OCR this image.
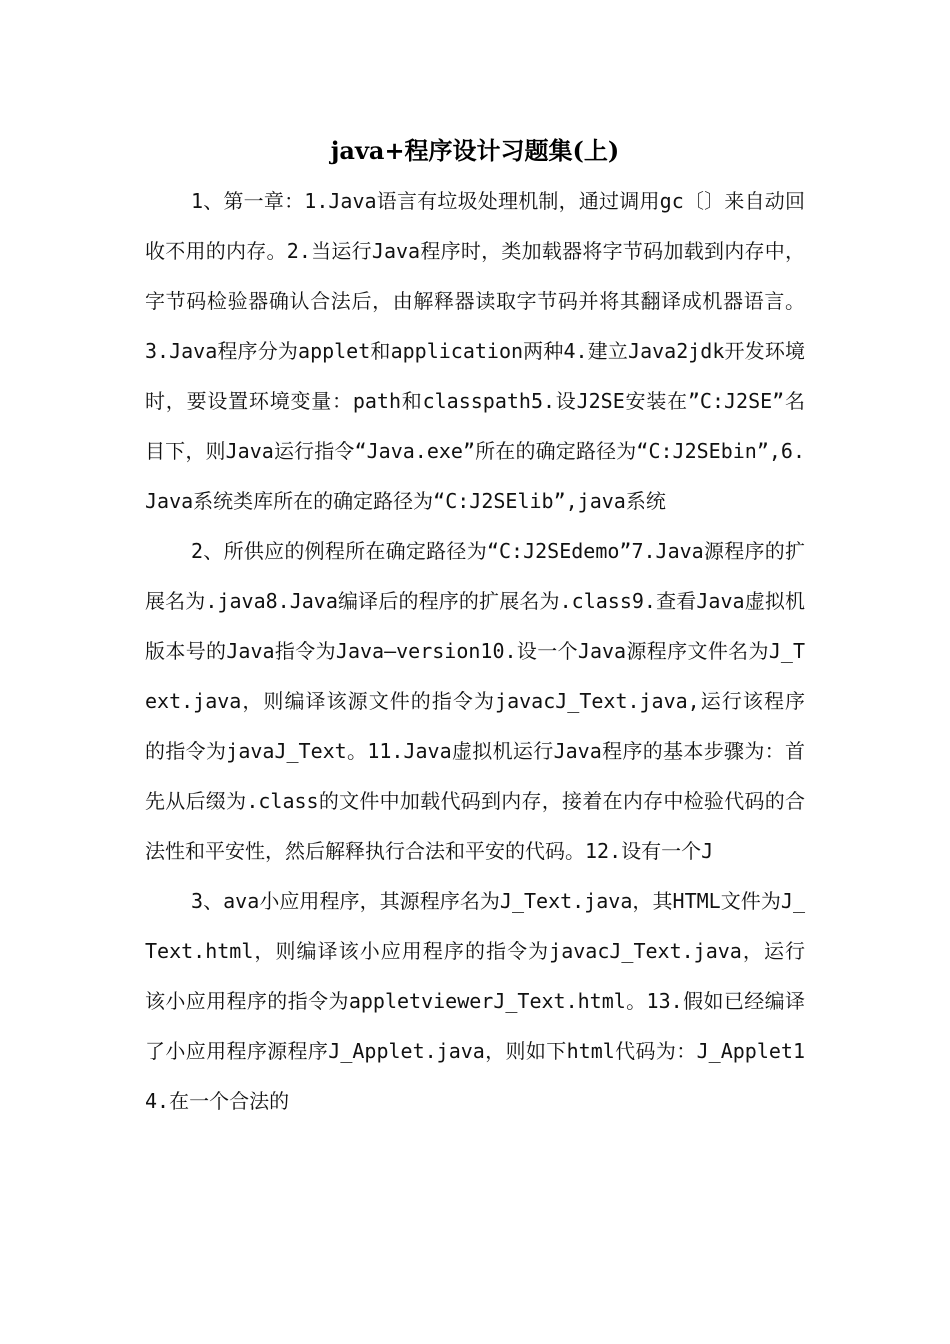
java+程序设计习题集(上)

1、第一章：1.Java语言有垃圾处理机制，通过调用gc〔〕来自动回收不用的内存。2.当运行Java程序时，类加载器将字节码加载到内存中，字节码检验器确认合法后，由解释器读取字节码并将其翻译成机器语言。3.Java程序分为applet和application两种4.建立Java2jdk开发环境时，要设置环境变量：path和classpath5.设J2SE安装在”C:J2SE”名目下，则Java运行指令“Java.exe”所在的确定路径为“C:J2SEbin”,6.Java系统类库所在的确定路径为“C:J2SElib”,java系统

2、所供应的例程所在确定路径为“C:J2SEdemo”7.Java源程序的扩展名为.java8.Java编译后的程序的扩展名为.class9.查看Java虚拟机版本号的Java指令为Java–version10.设一个Java源程序文件名为J_Text.java，则编译该源文件的指令为javacJ_Text.java,运行该程序的指令为javaJ_Text。11.Java虚拟机运行Java程序的基本步骤为：首先从后缀为.class的文件中加载代码到内存，接着在内存中检验代码的合法性和平安性，然后解释执行合法和平安的代码。12.设有一个J

3、ava小应用程序，其源程序名为J_Text.java，其HTML文件为J_Text.html，则编译该小应用程序的指令为javacJ_Text.java，运行该小应用程序的指令为appletviewerJ_Text.html。13.假如已经编译了小应用程序源程序J_Applet.java，则如下html代码为：J_Applet14.在一个合法的
